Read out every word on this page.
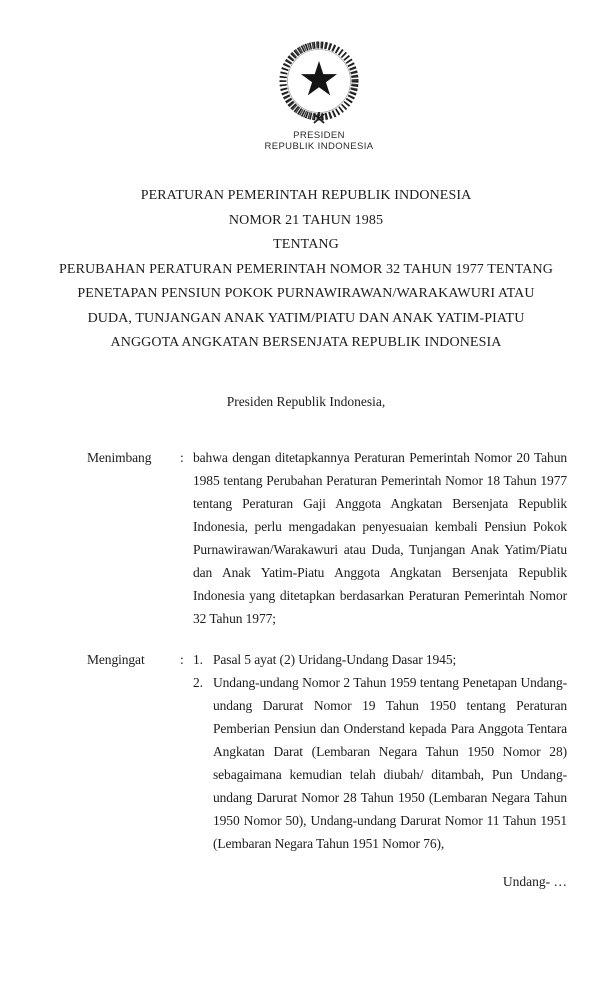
PRESIDEN
REPUBLIK INDONESIA
PERATURAN PEMERINTAH REPUBLIK INDONESIA
NOMOR 21 TAHUN 1985
TENTANG
PERUBAHAN PERATURAN PEMERINTAH NOMOR 32 TAHUN 1977 TENTANG
PENETAPAN PENSIUN POKOK PURNAWIRAWAN/WARAKAWURI ATAU
DUDA, TUNJANGAN ANAK YATIM/PIATU DAN ANAK YATIM-PIATU
ANGGOTA ANGKATAN BERSENJATA REPUBLIK INDONESIA
Presiden Republik Indonesia,
Menimbang	: bahwa dengan ditetapkannya Peraturan Pemerintah Nomor 20 Tahun 1985 tentang Perubahan Peraturan Pemerintah Nomor 18 Tahun 1977 tentang Peraturan Gaji Anggota Angkatan Bersenjata Republik Indonesia, perlu mengadakan penyesuaian kembali Pensiun Pokok Purnawirawan/Warakawuri atau Duda, Tunjangan Anak Yatim/Piatu dan Anak Yatim-Piatu Anggota Angkatan Bersenjata Republik Indonesia yang ditetapkan berdasarkan Peraturan Pemerintah Nomor 32 Tahun 1977;
Mengingat	: 1. Pasal 5 ayat (2) Uridang-Undang Dasar 1945;
2. Undang-undang Nomor 2 Tahun 1959 tentang Penetapan Undang-undang Darurat Nomor 19 Tahun 1950 tentang Peraturan Pemberian Pensiun dan Onderstand kepada Para Anggota Tentara Angkatan Darat (Lembaran Negara Tahun 1950 Nomor 28) sebagaimana kemudian telah diubah/ ditambah, Pun Undang-undang Darurat Nomor 28 Tahun 1950 (Lembaran Negara Tahun 1950 Nomor 50), Undang-undang Darurat Nomor 11 Tahun 1951 (Lembaran Negara Tahun 1951 Nomor 76),
Undang- …
